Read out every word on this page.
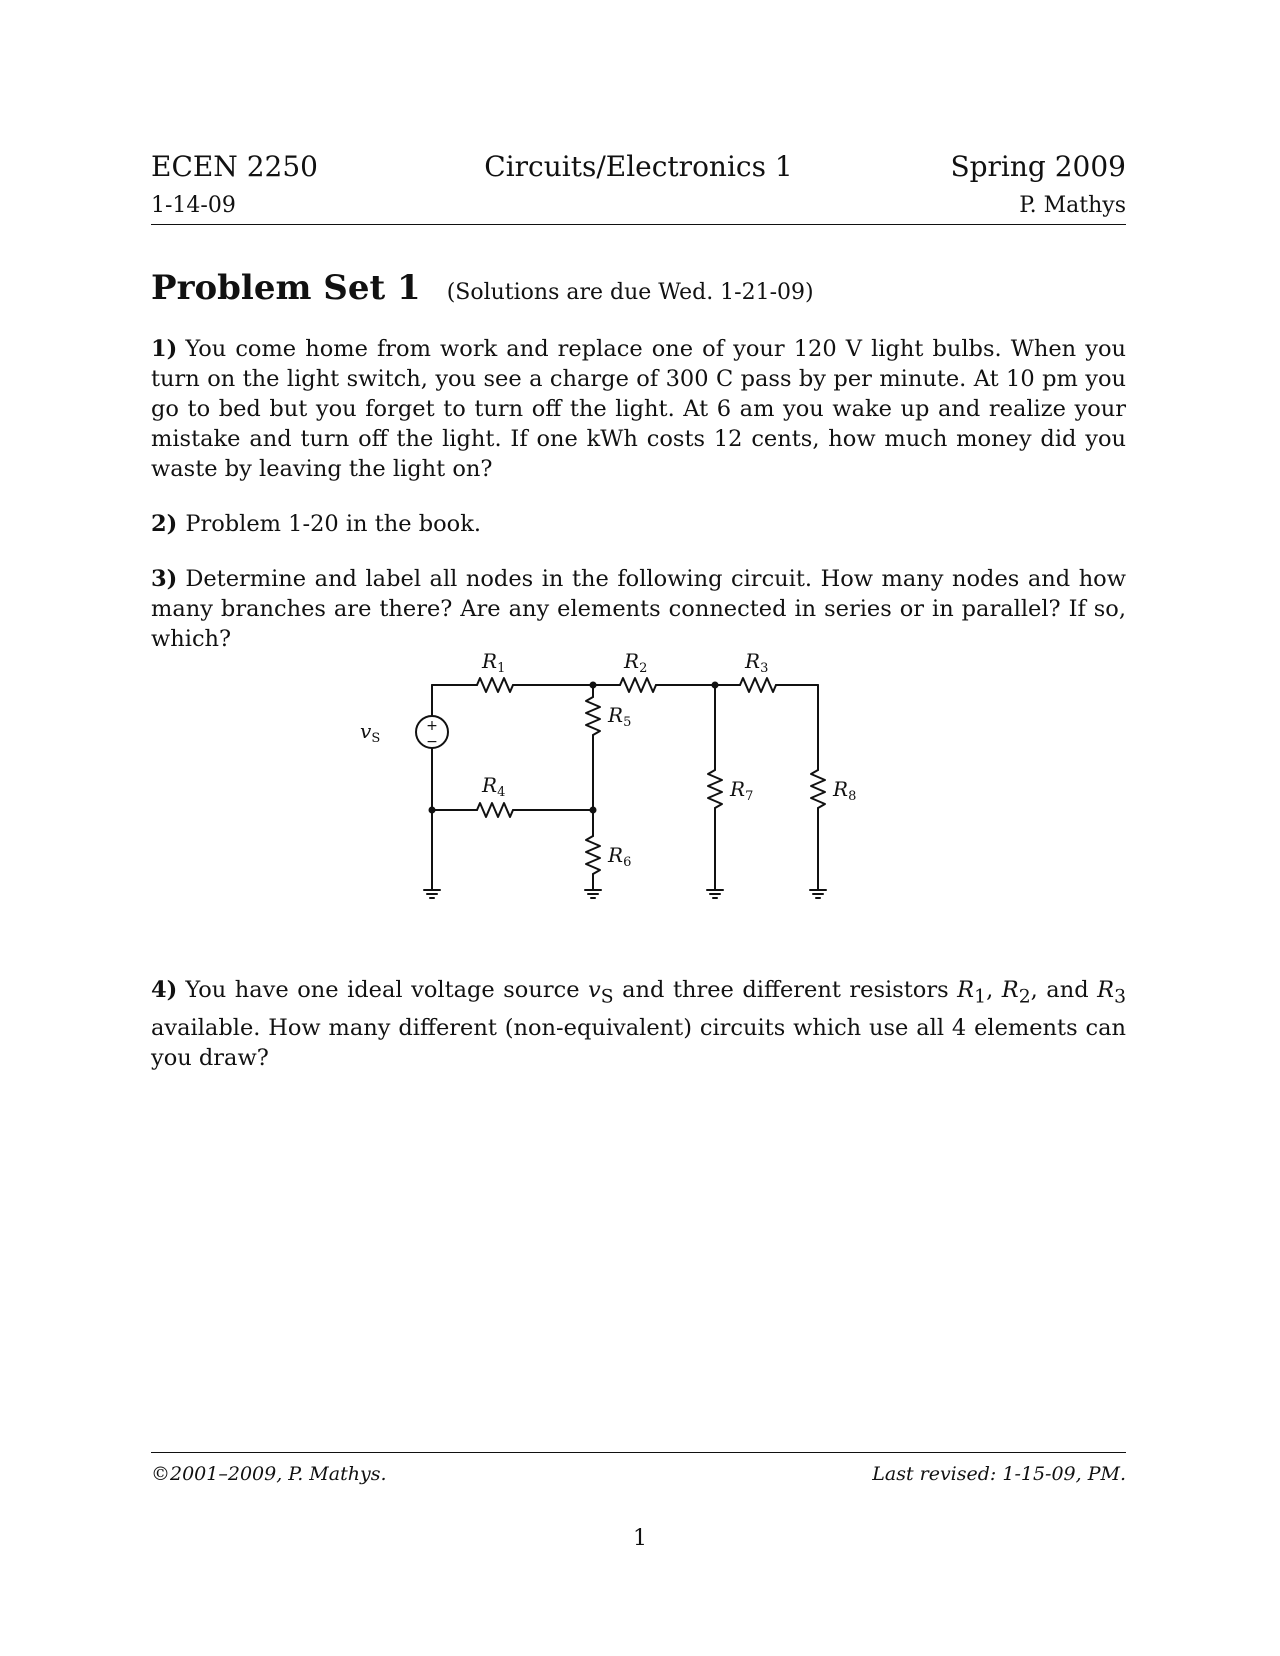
ECEN 2250	Circuits/Electronics 1	Spring 2009
1-14-09	P. Mathys
Problem Set 1 (Solutions are due Wed. 1-21-09)
1) You come home from work and replace one of your 120 V light bulbs. When you turn on the light switch, you see a charge of 300 C pass by per minute. At 10 pm you go to bed but you forget to turn off the light. At 6 am you wake up and realize your mistake and turn off the light. If one kWh costs 12 cents, how much money did you waste by leaving the light on?
2) Problem 1-20 in the book.
3) Determine and label all nodes in the following circuit. How many nodes and how many branches are there? Are any elements connected in series or in parallel? If so, which?
+
−
$v_S$
$R_1$	$R_2$	$R_3$
$R_4$
$R_5$
$R_6$
$R_7$	$R_8$
4) You have one ideal voltage source $v_S$ and three different resistors $R_1$, $R_2$, and $R_3$ available. How many different (non-equivalent) circuits which use all 4 elements can you draw?
©2001–2009, P. Mathys.	Last revised: 1-15-09, PM.
1
